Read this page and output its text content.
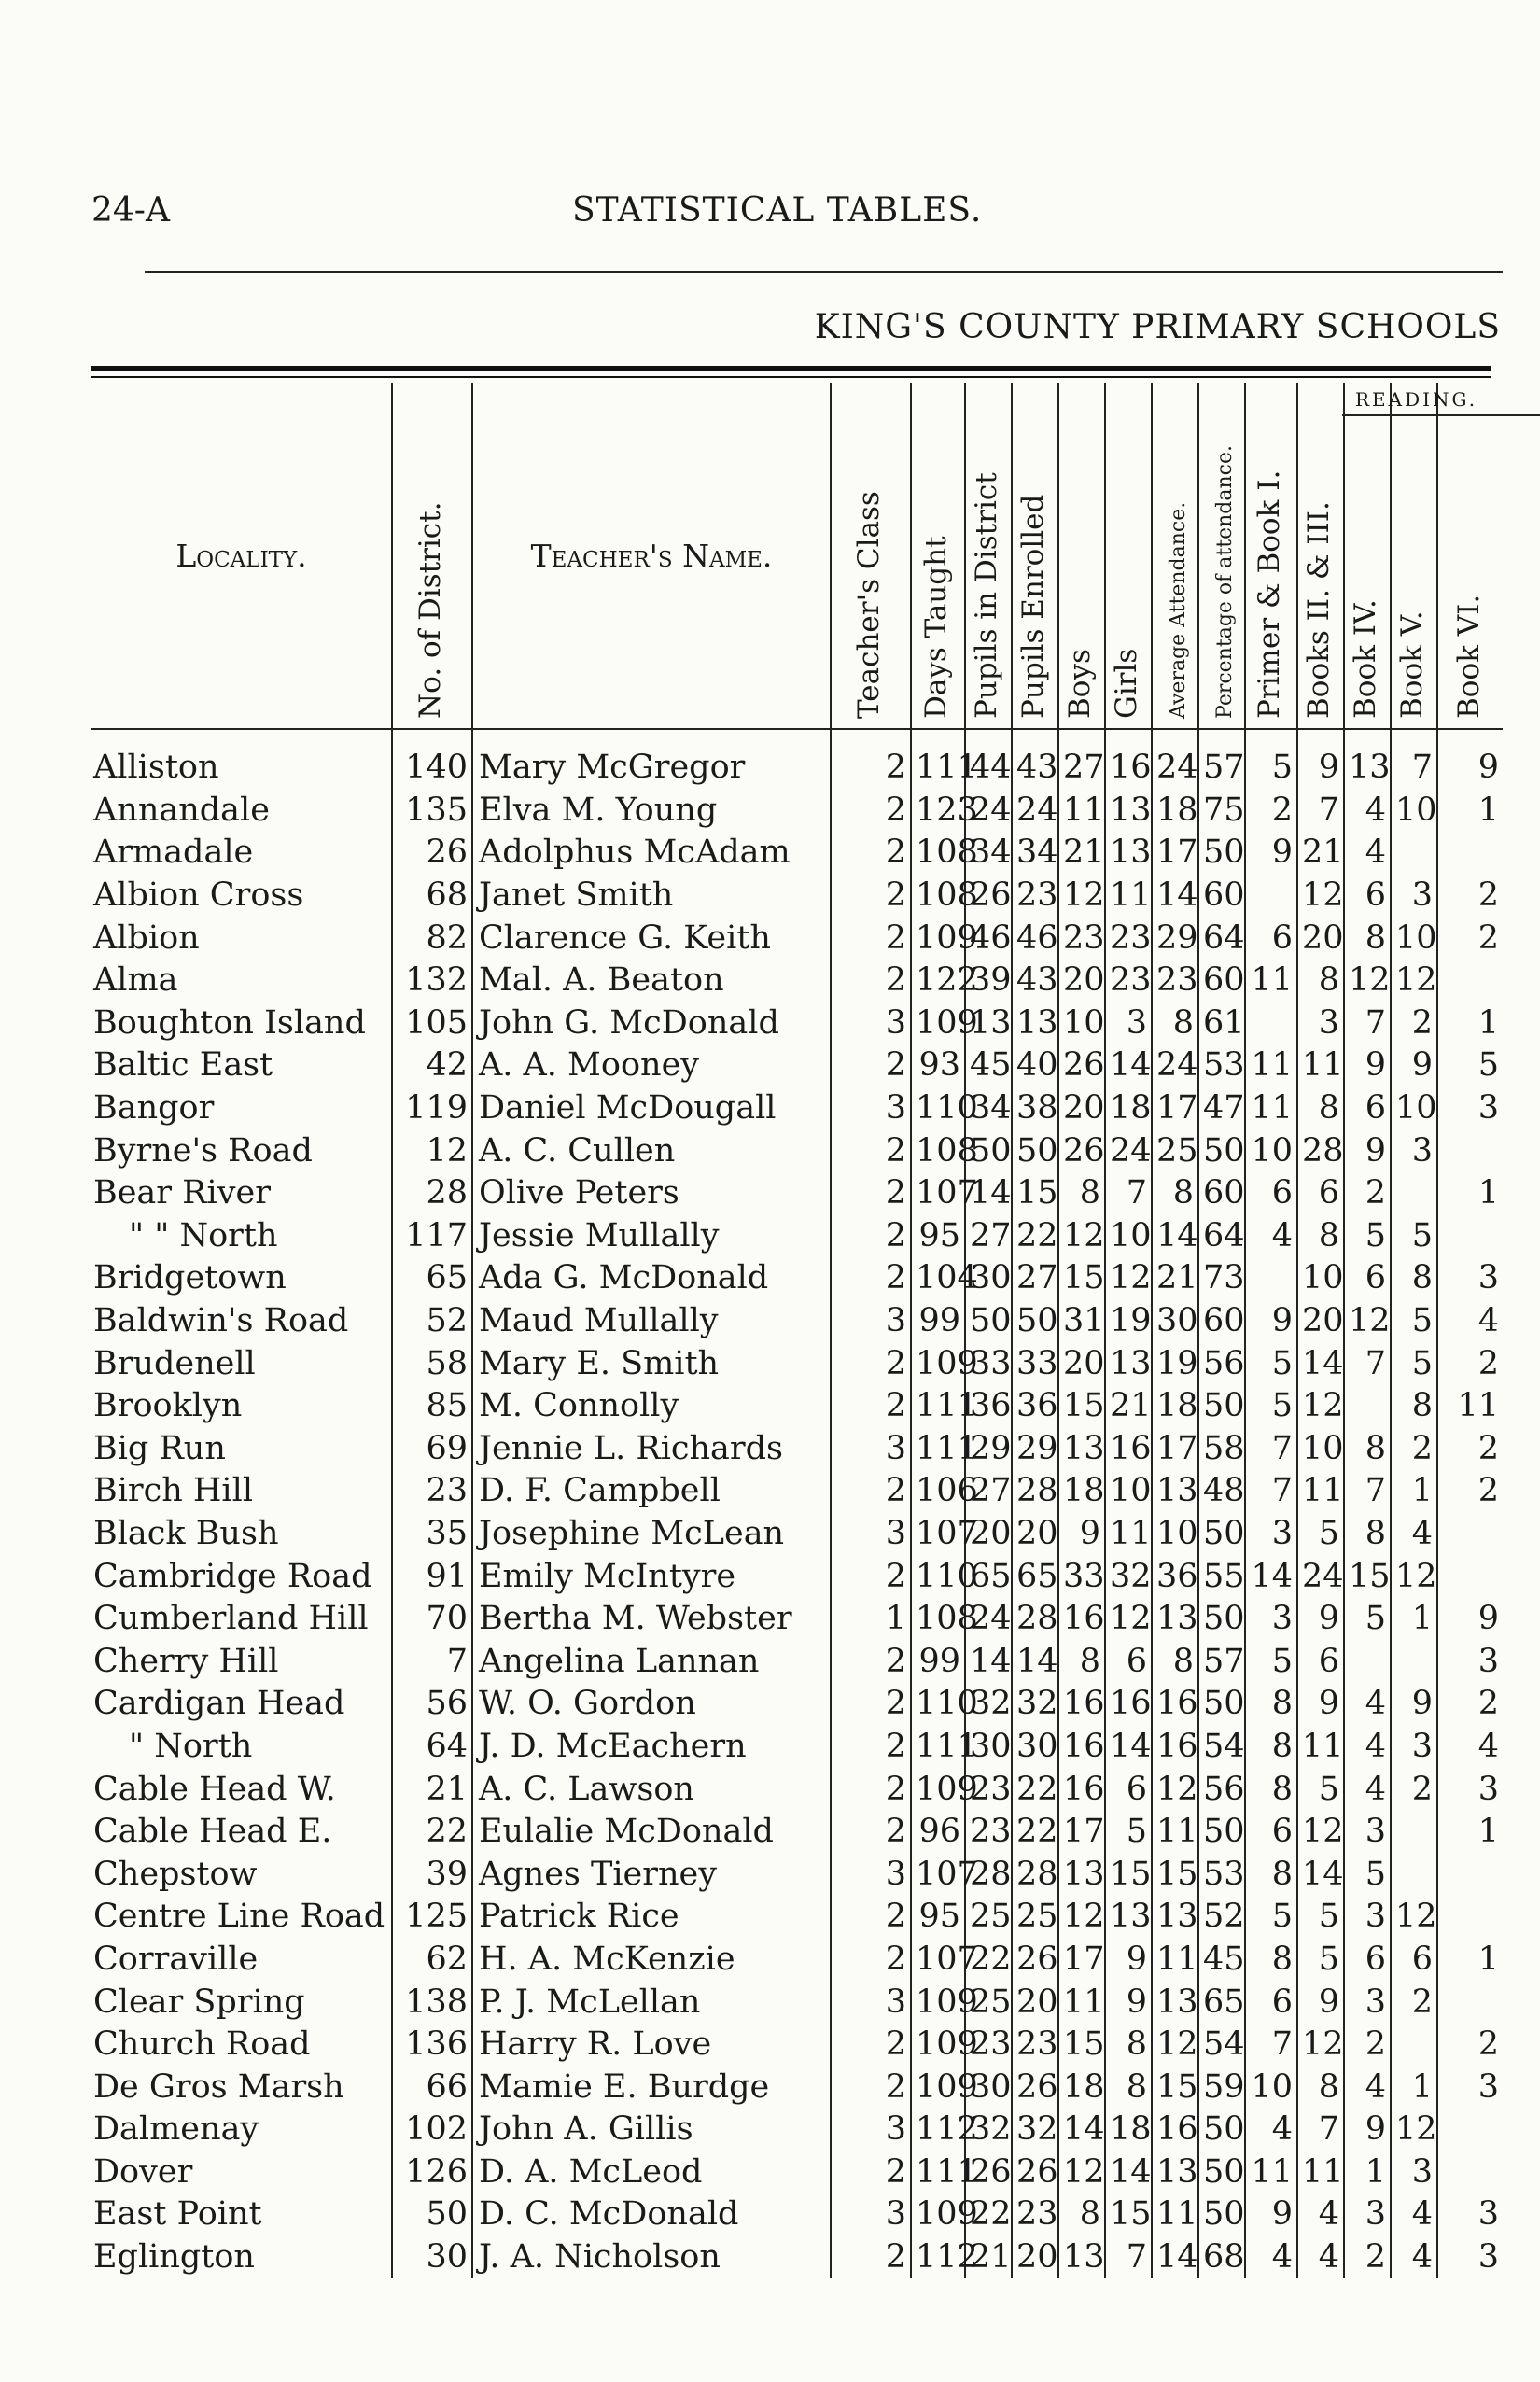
24-A	STATISTICAL TABLES.
KING'S COUNTY PRIMARY SCHOOLS
READING.
Locality.	No. of District.	Teacher's Name.	Teacher's Class	Days Taught	Pupils in District	Pupils Enrolled	Boys	Girls	Average Attendance.	Percentage of attendance.	Primer & Book I.	Books II. & III.	Book IV.	Book V.	Book VI.

Alliston	140	Mary McGregor	2	111	44	43	27	16	24	57	5	9	13	7	9
Annandale	135	Elva M. Young	2	123	24	24	11	13	18	75	2	7	4	10	1
Armadale	26	Adolphus McAdam	2	108	34	34	21	13	17	50	9	21	4		
Albion Cross	68	Janet Smith	2	108	26	23	12	11	14	60		12	6	3	2
Albion	82	Clarence G. Keith	2	109	46	46	23	23	29	64	6	20	8	10	2
Alma	132	Mal. A. Beaton	2	122	39	43	20	23	23	60	11	8	12	12	
Boughton Island	105	John G. McDonald	3	109	13	13	10	3	8	61		3	7	2	1
Baltic East	42	A. A. Mooney	2	93	45	40	26	14	24	53	11	11	9	9	5
Bangor	119	Daniel McDougall	3	110	34	38	20	18	17	47	11	8	6	10	3
Byrne's Road	12	A. C. Cullen	2	108	50	50	26	24	25	50	10	28	9	3	
Bear River	28	Olive Peters	2	107	14	15	8	7	8	60	6	6	2		1
" " North	117	Jessie Mullally	2	95	27	22	12	10	14	64	4	8	5	5	
Bridgetown	65	Ada G. McDonald	2	104	30	27	15	12	21	73		10	6	8	3
Baldwin's Road	52	Maud Mullally	3	99	50	50	31	19	30	60	9	20	12	5	4
Brudenell	58	Mary E. Smith	2	109	33	33	20	13	19	56	5	14	7	5	2
Brooklyn	85	M. Connolly	2	111	36	36	15	21	18	50	5	12		8	11
Big Run	69	Jennie L. Richards	3	111	29	29	13	16	17	58	7	10	8	2	2
Birch Hill	23	D. F. Campbell	2	106	27	28	18	10	13	48	7	11	7	1	2
Black Bush	35	Josephine McLean	3	107	20	20	9	11	10	50	3	5	8	4	
Cambridge Road	91	Emily McIntyre	2	110	65	65	33	32	36	55	14	24	15	12	
Cumberland Hill	70	Bertha M. Webster	1	108	24	28	16	12	13	50	3	9	5	1	9
Cherry Hill	7	Angelina Lannan	2	99	14	14	8	6	8	57	5	6			3
Cardigan Head	56	W. O. Gordon	2	110	32	32	16	16	16	50	8	9	4	9	2
" North	64	J. D. McEachern	2	111	30	30	16	14	16	54	8	11	4	3	4
Cable Head W.	21	A. C. Lawson	2	109	23	22	16	6	12	56	8	5	4	2	3
Cable Head E.	22	Eulalie McDonald	2	96	23	22	17	5	11	50	6	12	3		1
Chepstow	39	Agnes Tierney	3	107	28	28	13	15	15	53	8	14	5		
Centre Line Road	125	Patrick Rice	2	95	25	25	12	13	13	52	5	5	3	12	
Corraville	62	H. A. McKenzie	2	107	22	26	17	9	11	45	8	5	6	6	1
Clear Spring	138	P. J. McLellan	3	109	25	20	11	9	13	65	6	9	3	2	
Church Road	136	Harry R. Love	2	109	23	23	15	8	12	54	7	12	2		2
De Gros Marsh	66	Mamie E. Burdge	2	109	30	26	18	8	15	59	10	8	4	1	3
Dalmenay	102	John A. Gillis	3	112	32	32	14	18	16	50	4	7	9	12	
Dover	126	D. A. McLeod	2	111	26	26	12	14	13	50	11	11	1	3	
East Point	50	D. C. McDonald	3	109	22	23	8	15	11	50	9	4	3	4	3
Eglington	30	J. A. Nicholson	2	112	21	20	13	7	14	68	4	4	2	4	3
